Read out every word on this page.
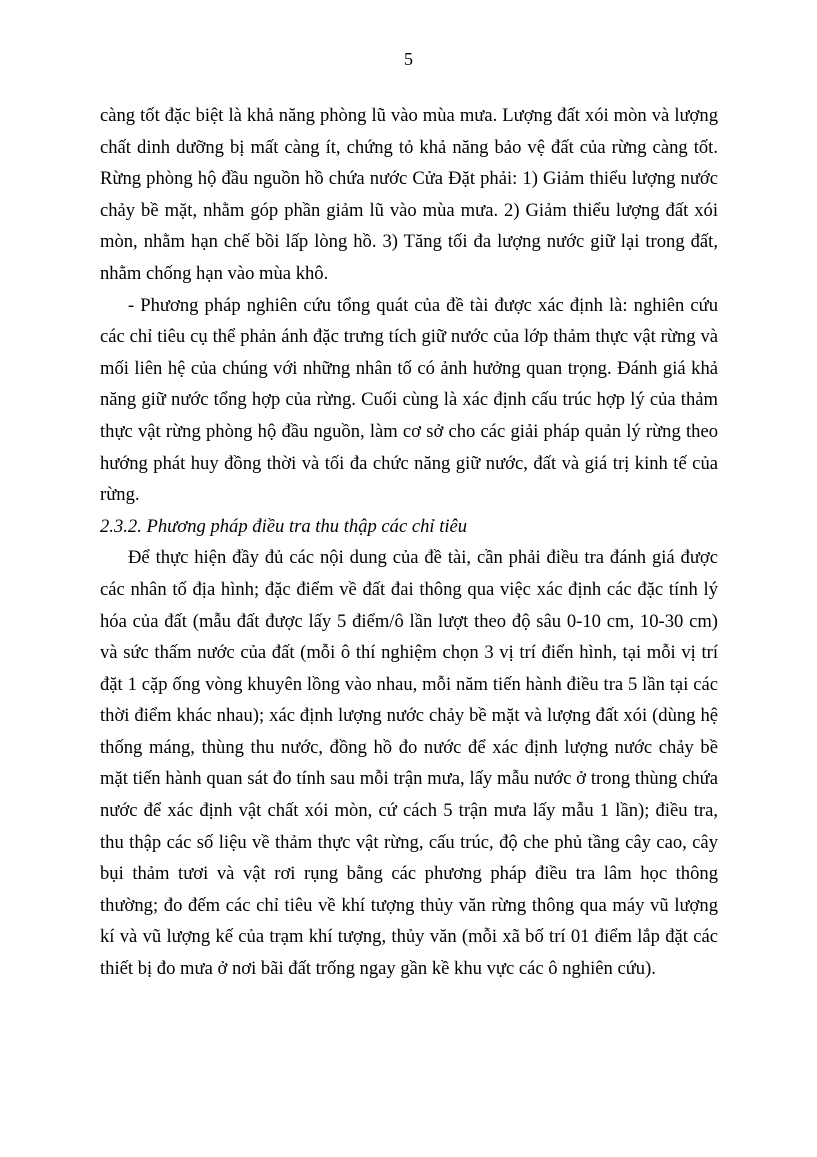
5

càng tốt đặc biệt là khả năng phòng lũ vào mùa mưa. Lượng đất xói mòn và lượng chất dinh dưỡng bị mất càng ít, chứng tỏ khả năng bảo vệ đất của rừng càng tốt. Rừng phòng hộ đầu nguồn hồ chứa nước Cửa Đặt phải: 1) Giảm thiểu lượng nước chảy bề mặt, nhằm góp phần giảm lũ vào mùa mưa. 2) Giảm thiểu lượng đất xói mòn, nhằm hạn chế bồi lấp lòng hồ. 3) Tăng tối đa lượng nước giữ lại trong đất, nhằm chống hạn vào mùa khô.

- Phương pháp nghiên cứu tổng quát của đề tài được xác định là: nghiên cứu các chỉ tiêu cụ thể phản ánh đặc trưng tích giữ nước của lớp thảm thực vật rừng và mối liên hệ của chúng với những nhân tố có ảnh hưởng quan trọng. Đánh giá khả năng giữ nước tổng hợp của rừng. Cuối cùng là xác định cấu trúc hợp lý của thảm thực vật rừng phòng hộ đầu nguồn, làm cơ sở cho các giải pháp quản lý rừng theo hướng phát huy đồng thời và tối đa chức năng giữ nước, đất và giá trị kinh tế của rừng.

2.3.2. Phương pháp điều tra thu thập các chỉ tiêu

Để thực hiện đầy đủ các nội dung của đề tài, cần phải điều tra đánh giá được các nhân tố địa hình; đặc điểm về đất đai thông qua việc xác định các đặc tính lý hóa của đất (mẫu đất được lấy 5 điểm/ô lần lượt theo độ sâu 0-10 cm, 10-30 cm) và sức thấm nước của đất (mỗi ô thí nghiệm chọn 3 vị trí điển hình, tại mỗi vị trí đặt 1 cặp ống vòng khuyên lồng vào nhau, mỗi năm tiến hành điều tra 5 lần tại các thời điểm khác nhau); xác định lượng nước chảy bề mặt và lượng đất xói (dùng hệ thống máng, thùng thu nước, đồng hồ đo nước để xác định lượng nước chảy bề mặt tiến hành quan sát đo tính sau mỗi trận mưa, lấy mẫu nước ở trong thùng chứa nước để xác định vật chất xói mòn, cứ cách 5 trận mưa lấy mẫu 1 lần); điều tra, thu thập các số liệu về thảm thực vật rừng, cấu trúc, độ che phủ tầng cây cao, cây bụi thảm tươi và vật rơi rụng bằng các phương pháp điều tra lâm học thông thường; đo đếm các chỉ tiêu về khí tượng thủy văn rừng thông qua máy vũ lượng kí và vũ lượng kế của trạm khí tượng, thủy văn (mỗi xã bố trí 01 điểm lắp đặt các thiết bị đo mưa ở nơi bãi đất trống ngay gần kề khu vực các ô nghiên cứu).
